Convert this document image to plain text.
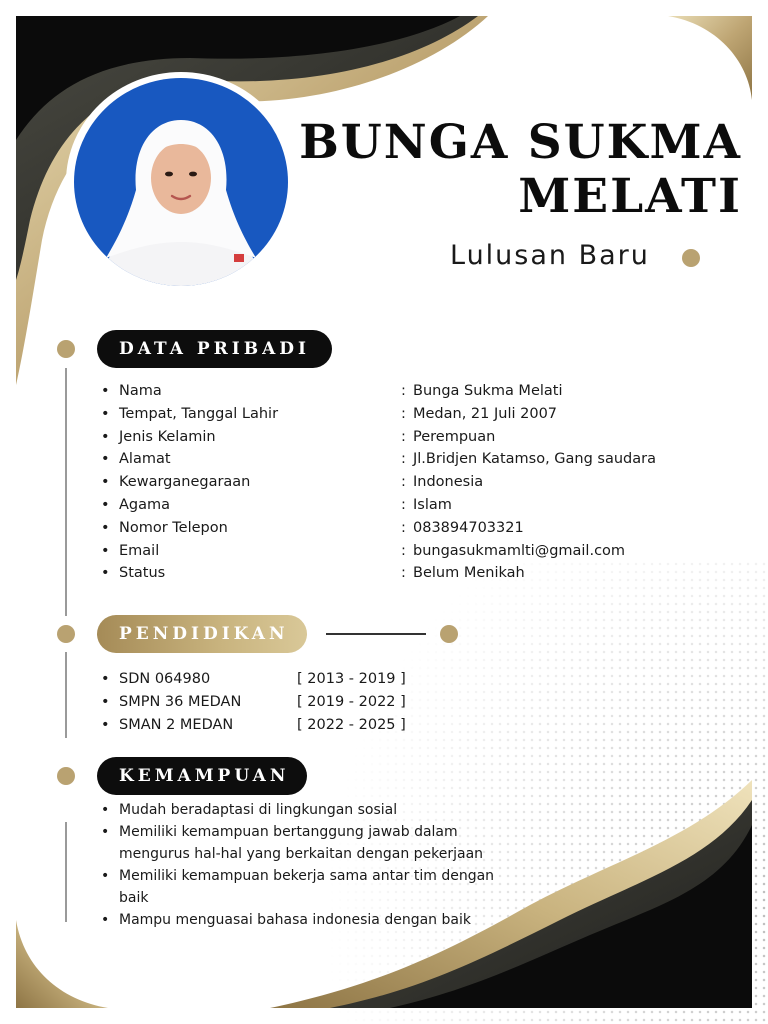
BUNGA SUKMA
MELATI
Lulusan Baru
DATA PRIBADI
• Nama	: Bunga Sukma Melati
• Tempat, Tanggal Lahir	: Medan, 21 Juli 2007
• Jenis Kelamin	: Perempuan
• Alamat	: Jl.Bridjen Katamso, Gang saudara
• Kewarganegaraan	: Indonesia
• Agama	: Islam
• Nomor Telepon	: 083894703321
• Email	: bungasukmamlti@gmail.com
• Status	: Belum Menikah
PENDIDIKAN
• SDN 064980	[ 2013 - 2019 ]
• SMPN 36 MEDAN	[ 2019 - 2022 ]
• SMAN 2 MEDAN	[ 2022 - 2025 ]
KEMAMPUAN
• Mudah beradaptasi di lingkungan sosial
• Memiliki kemampuan bertanggung jawab dalam mengurus hal-hal yang berkaitan dengan pekerjaan
• Memiliki kemampuan bekerja sama antar tim dengan baik
• Mampu menguasai bahasa indonesia dengan baik
